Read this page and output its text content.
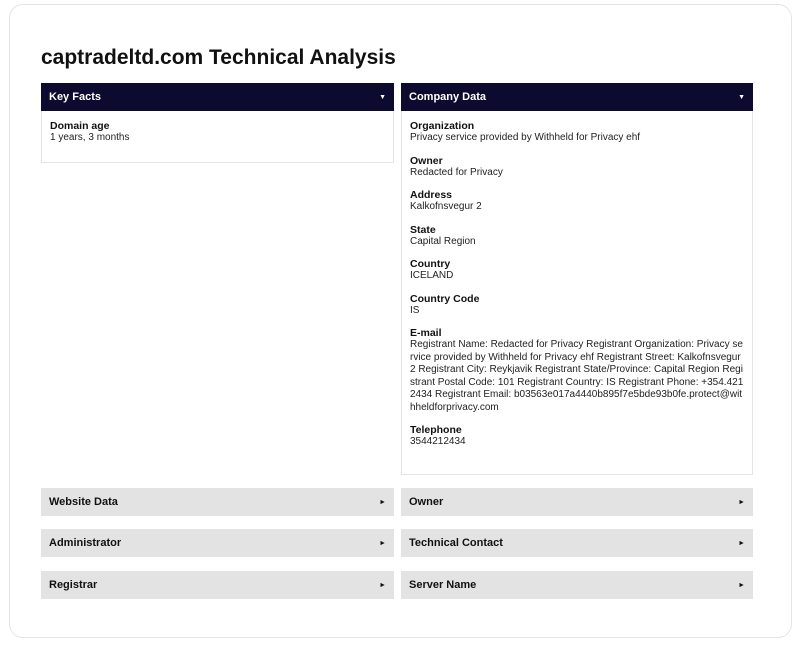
captradeltd.com Technical Analysis
Key Facts	▼
Domain age
1 years, 3 months
Company Data	▼
Organization
Privacy service provided by Withheld for Privacy ehf
Owner
Redacted for Privacy
Address
Kalkofnsvegur 2
State
Capital Region
Country
ICELAND
Country Code
IS
E-mail
Registrant Name: Redacted for Privacy Registrant Organization: Privacy service provided by Withheld for Privacy ehf Registrant Street: Kalkofnsvegur 2 Registrant City: Reykjavik Registrant State/Province: Capital Region Registrant Postal Code: 101 Registrant Country: IS Registrant Phone: +354.4212434 Registrant Email: b03563e017a4440b895f7e5bde93b0fe.protect@withheldforprivacy.com
Telephone
3544212434
Website Data	► Owner	►
Administrator	► Technical Contact	►
Registrar	► Server Name	►
